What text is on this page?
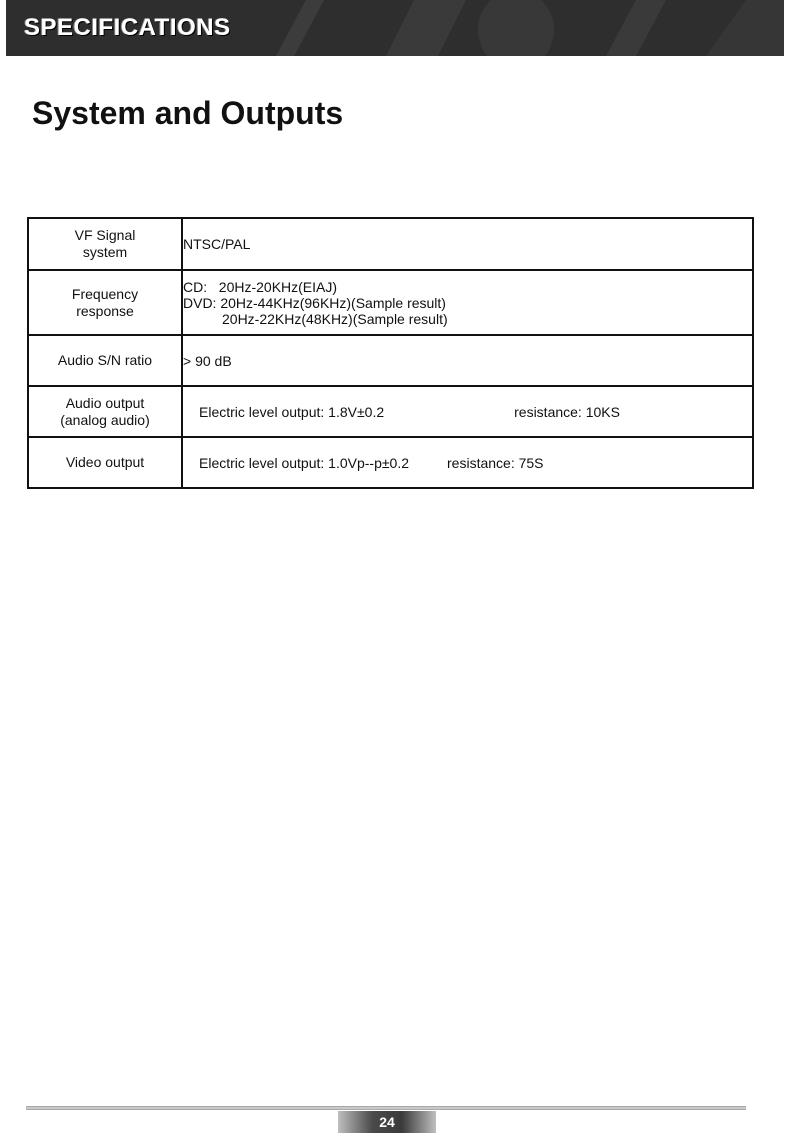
SPECIFICATIONS
System and Outputs
VF Signal
system	NTSC/PAL

Frequency
response	CD:   20Hz-20KHz(EIAJ)
DVD: 20Hz-44KHz(96KHz)(Sample result)
20Hz-22KHz(48KHz)(Sample result)

Audio S/N ratio	> 90 dB

Audio output
(analog audio)	Electric level output: 1.8V±0.2 resistance: 10KS
Video output	Electric level output: 1.0Vp--p±0.2 resistance: 75S
24
